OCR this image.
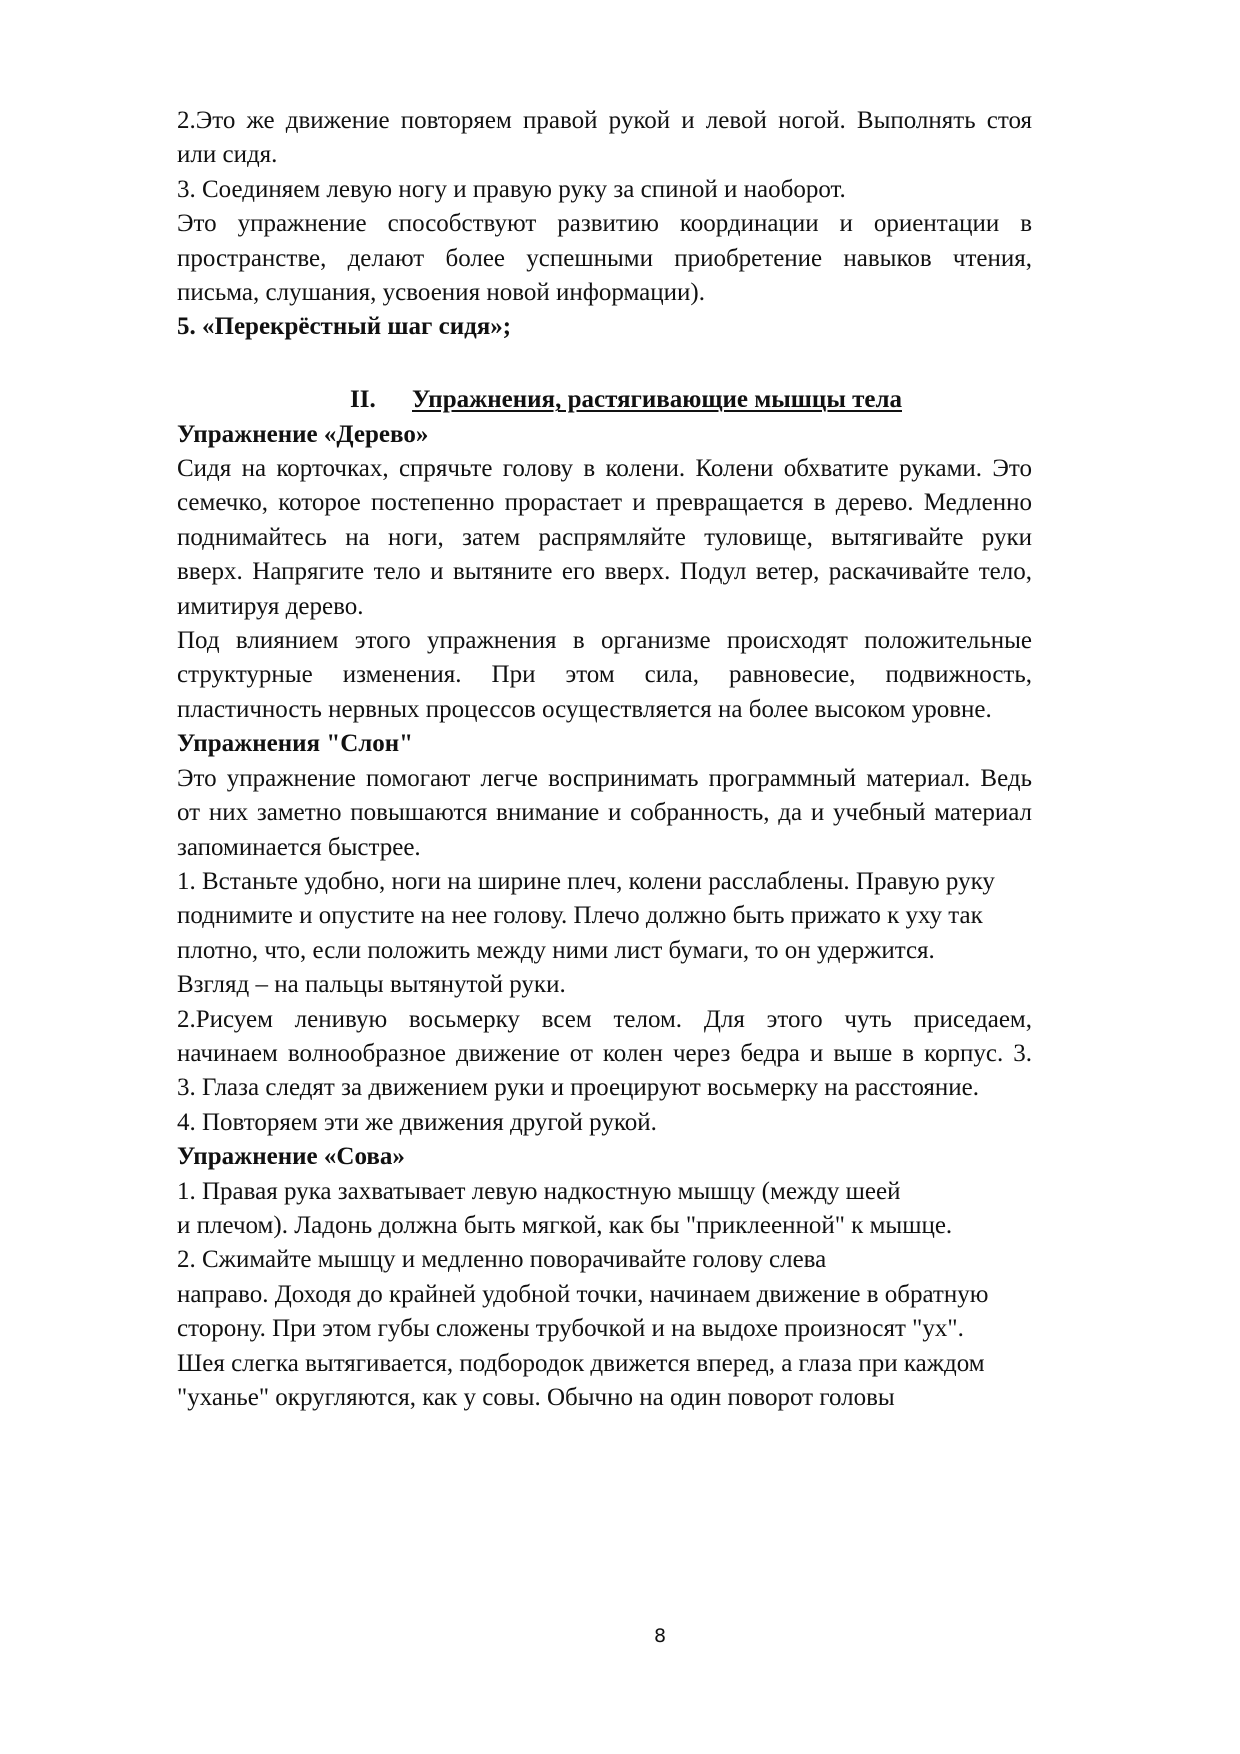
2.Это же движение повторяем правой рукой и левой ногой. Выполнять стоя
или сидя.
3. Соединяем левую ногу и правую руку за спиной и наоборот.
Это упражнение способствуют развитию координации и ориентации в
пространстве, делают более успешными приобретение навыков чтения,
письма, слушания, усвоения новой информации).
5. «Перекрёстный шаг сидя»;
II. Упражнения, растягивающие мышцы тела
Упражнение «Дерево»
Сидя на корточках, спрячьте голову в колени. Колени обхватите руками. Это
семечко, которое постепенно прорастает и превращается в дерево. Медленно
поднимайтесь на ноги, затем распрямляйте туловище, вытягивайте руки
вверх. Напрягите тело и вытяните его вверх. Подул ветер, раскачивайте тело,
имитируя дерево.
Под влиянием этого упражнения в организме происходят положительные
структурные изменения. При этом сила, равновесие, подвижность,
пластичность нервных процессов осуществляется на более высоком уровне.
Упражнения "Слон"
Это упражнение помогают легче воспринимать программный материал. Ведь
от них заметно повышаются внимание и собранность, да и учебный материал
запоминается быстрее.
1. Встаньте удобно, ноги на ширине плеч, колени расслаблены. Правую руку
поднимите и опустите на нее голову. Плечо должно быть прижато к уху так
плотно, что, если положить между ними лист бумаги, то он удержится.
Взгляд – на пальцы вытянутой руки.
2.Рисуем ленивую восьмерку всем телом. Для этого чуть приседаем,
начинаем волнообразное движение от колен через бедра и выше в корпус. 3.
3. Глаза следят за движением руки и проецируют восьмерку на расстояние.
4. Повторяем эти же движения другой рукой.
Упражнение «Сова»
1. Правая рука захватывает левую надкостную мышцу (между шеей
и плечом). Ладонь должна быть мягкой, как бы "приклеенной" к мышце.
2. Сжимайте мышцу и медленно поворачивайте голову слева
направо. Доходя до крайней удобной точки, начинаем движение в обратную
сторону. При этом губы сложены трубочкой и на выдохе произносят "ух".
Шея слегка вытягивается, подбородок движется вперед, а глаза при каждом
"уханье" округляются, как у совы. Обычно на один поворот головы
8
